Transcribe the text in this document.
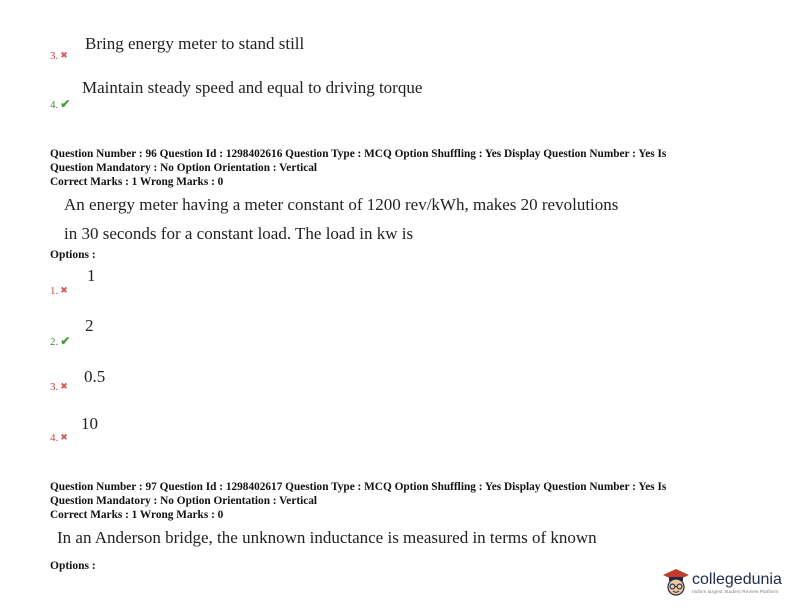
3. ✖
Bring energy meter to stand still
4. ✔
Maintain steady speed and equal to driving torque
Question Number : 96 Question Id : 1298402616 Question Type : MCQ Option Shuffling : Yes Display Question Number : Yes Is
Question Mandatory : No Option Orientation : Vertical
Correct Marks : 1 Wrong Marks : 0
An energy meter having a meter constant of 1200 rev/kWh, makes 20 revolutions
in 30 seconds for a constant load. The load in kw is
Options :
1. ✖
1
2. ✔
2
3. ✖ 0.5
4. ✖
10
Question Number : 97 Question Id : 1298402617 Question Type : MCQ Option Shuffling : Yes Display Question Number : Yes Is
Question Mandatory : No Option Orientation : Vertical
Correct Marks : 1 Wrong Marks : 0
In an Anderson bridge, the unknown inductance is measured in terms of known
Options :
collegedunia
India's largest Student Review Platform
